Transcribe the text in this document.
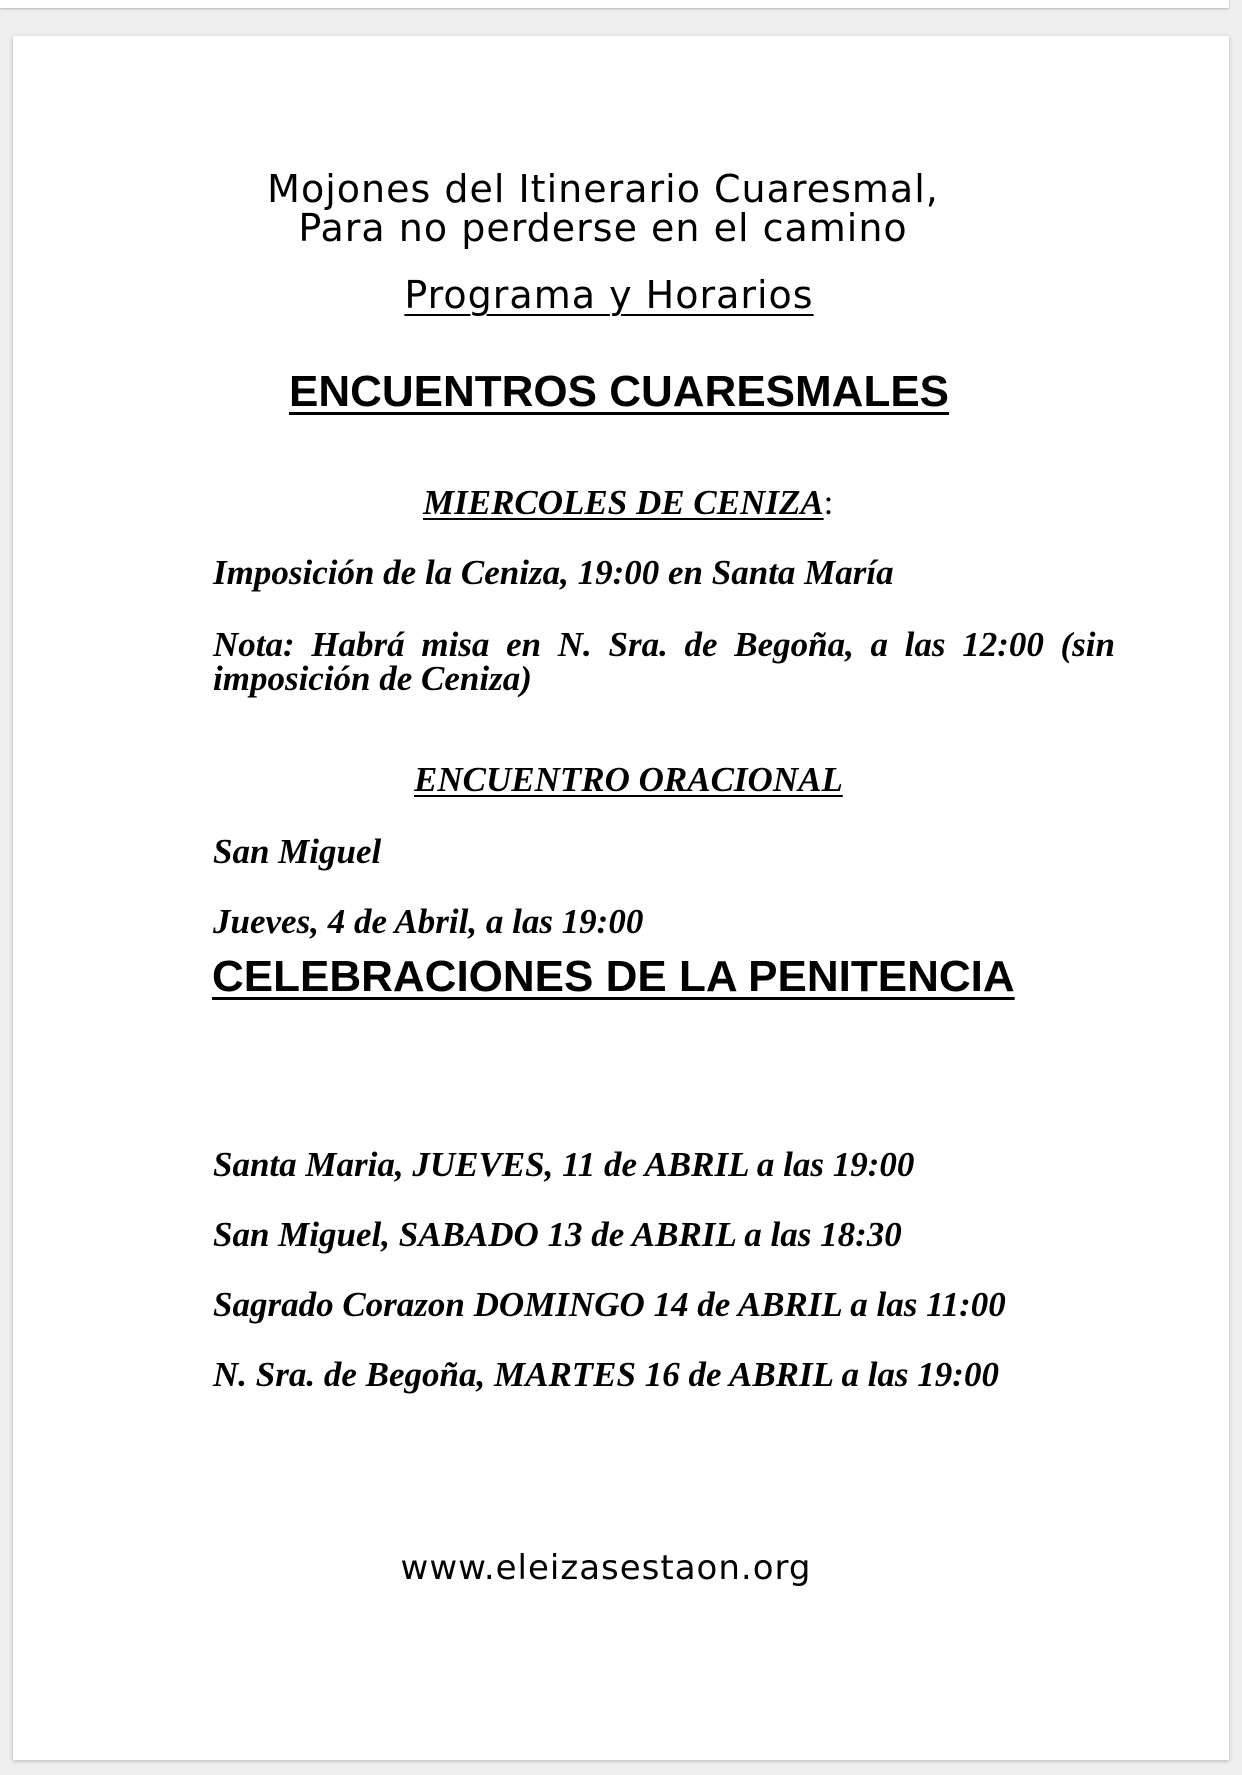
Mojones del Itinerario Cuaresmal,
Para no perderse en el camino
Programa y Horarios
ENCUENTROS CUARESMALES
MIERCOLES DE CENIZA:
Imposición de la Ceniza, 19:00 en Santa María
Nota: Habrá misa en N. Sra. de Begoña, a las 12:00 (sin imposición de Ceniza)
ENCUENTRO ORACIONAL
San Miguel
Jueves, 4 de Abril, a las 19:00
CELEBRACIONES DE LA PENITENCIA
Santa Maria, JUEVES, 11 de ABRIL a las 19:00
San Miguel, SABADO 13 de ABRIL a las 18:30
Sagrado Corazon DOMINGO 14 de ABRIL a las 11:00
N. Sra. de Begoña, MARTES 16 de ABRIL a las 19:00
www.eleizasestaon.org
